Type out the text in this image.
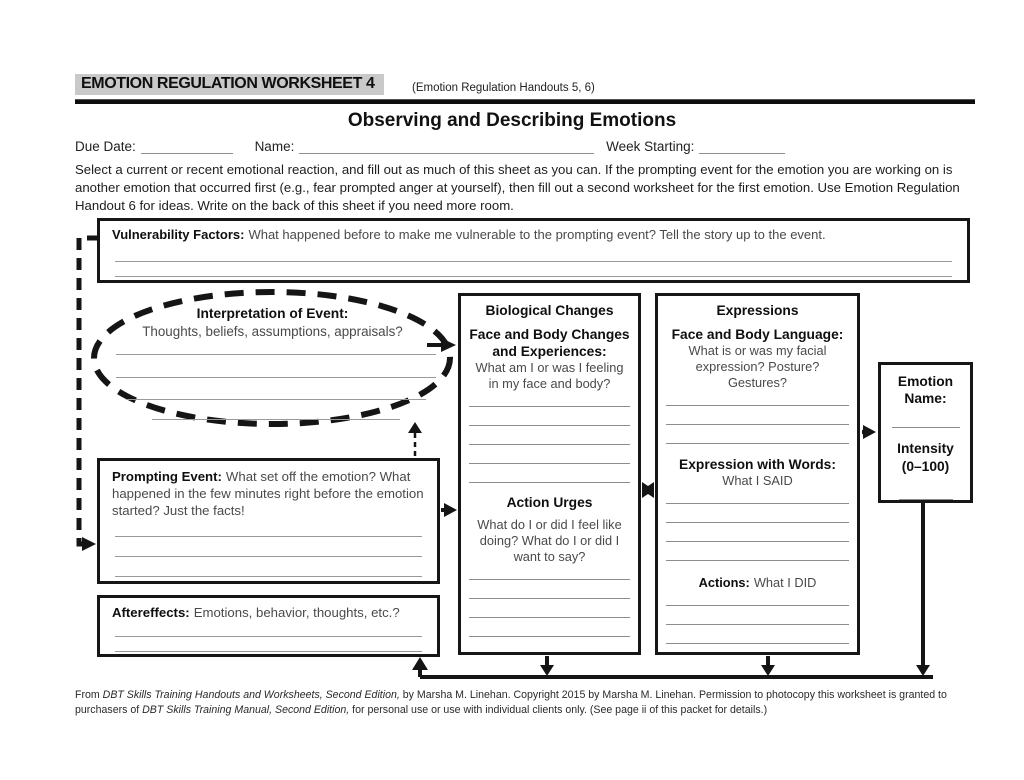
EMOTION REGULATION WORKSHEET 4	(Emotion Regulation Handouts 5, 6)
Observing and Describing Emotions
Due Date:	Name:	Week Starting:
Select a current or recent emotional reaction, and fill out as much of this sheet as you can. If the prompting event for the emotion you are working on is another emotion that occurred first (e.g., fear prompted anger at yourself), then fill out a second worksheet for the first emotion. Use Emotion Regulation Handout 6 for ideas. Write on the back of this sheet if you need more room.
Vulnerability Factors: What happened before to make me vulnerable to the prompting event? Tell the story up to the event.
Interpretation of Event:
Thoughts, beliefs, assumptions, appraisals?
Prompting Event: What set off the emotion? What happened in the few minutes right before the emotion started? Just the facts!
Aftereffects: Emotions, behavior, thoughts, etc.?
Biological Changes
Face and Body Changes and Experiences:
What am I or was I feeling in my face and body?
Action Urges
What do I or did I feel like doing? What do I or did I want to say?
Expressions
Face and Body Language:
What is or was my facial expression? Posture? Gestures?
Expression with Words:
What I SAID
Actions: What I DID
Emotion Name:
Intensity
(0–100)
From DBT Skills Training Handouts and Worksheets, Second Edition, by Marsha M. Linehan. Copyright 2015 by Marsha M. Linehan. Permission to photocopy this worksheet is granted to purchasers of DBT Skills Training Manual, Second Edition, for personal use or use with individual clients only. (See page ii of this packet for details.)
